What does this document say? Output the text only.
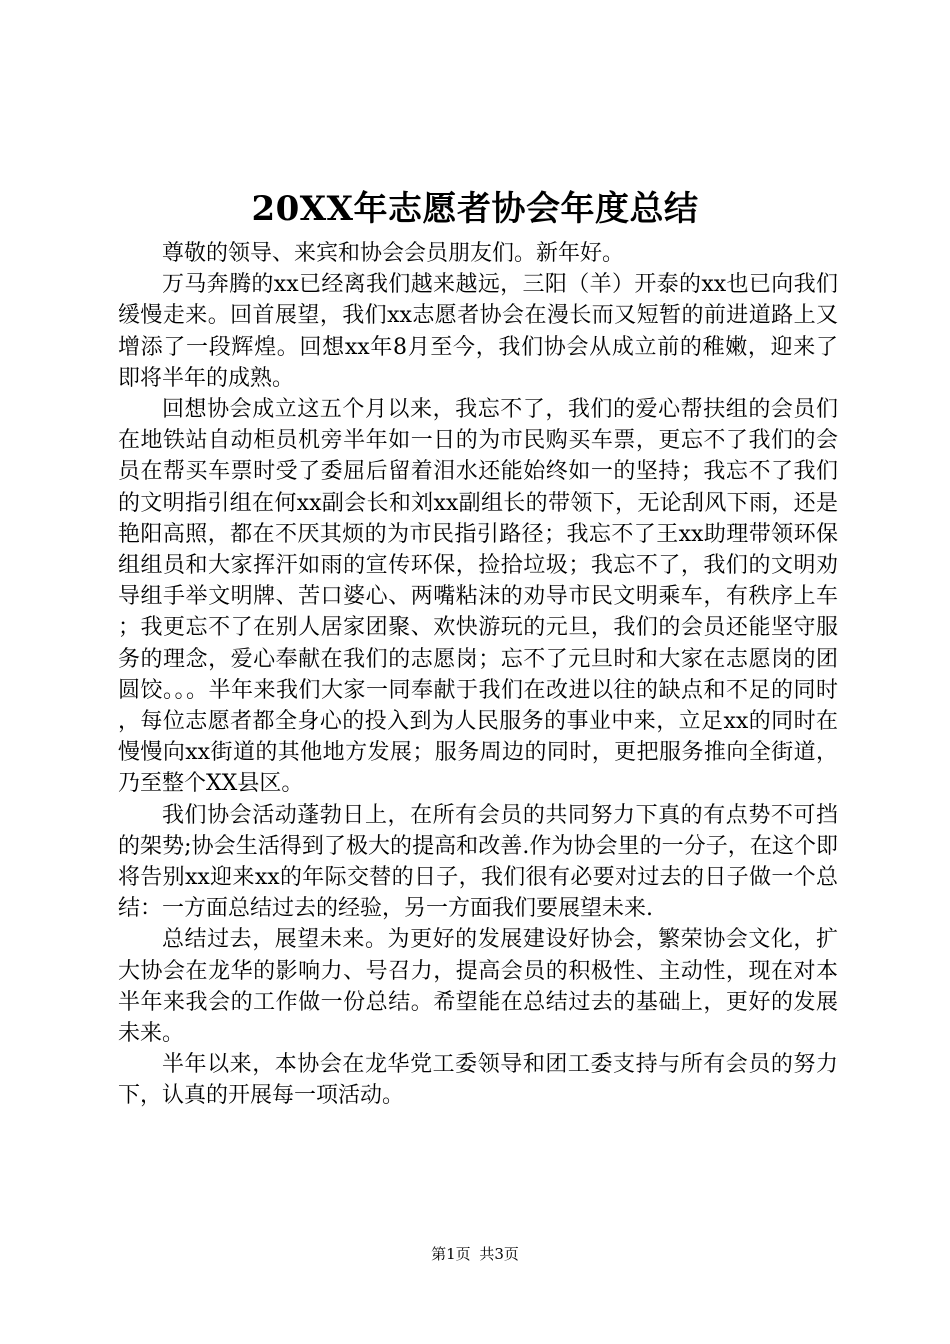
20XX年志愿者协会年度总结

尊敬的领导、来宾和协会会员朋友们。新年好。

万马奔腾的xx已经离我们越来越远，三阳（羊）开泰的xx也已向我们缓慢走来。回首展望，我们xx志愿者协会在漫长而又短暂的前进道路上又增添了一段辉煌。回想xx年8月至今，我们协会从成立前的稚嫩，迎来了即将半年的成熟。

回想协会成立这五个月以来，我忘不了，我们的爱心帮扶组的会员们在地铁站自动柜员机旁半年如一日的为市民购买车票，更忘不了我们的会员在帮买车票时受了委屈后留着泪水还能始终如一的坚持；我忘不了我们的文明指引组在何xx副会长和刘xx副组长的带领下，无论刮风下雨，还是艳阳高照，都在不厌其烦的为市民指引路径；我忘不了王xx助理带领环保组组员和大家挥汗如雨的宣传环保，捡拾垃圾；我忘不了，我们的文明劝导组手举文明牌、苦口婆心、两嘴粘沫的劝导市民文明乘车，有秩序上车；我更忘不了在别人居家团聚、欢快游玩的元旦，我们的会员还能坚守服务的理念，爱心奉献在我们的志愿岗；忘不了元旦时和大家在志愿岗的团圆饺。。。半年来我们大家一同奉献于我们在改进以往的缺点和不足的同时，每位志愿者都全身心的投入到为人民服务的事业中来，立足xx的同时在慢慢向xx街道的其他地方发展；服务周边的同时，更把服务推向全街道，乃至整个XX县区。

我们协会活动蓬勃日上，在所有会员的共同努力下真的有点势不可挡的架势;协会生活得到了极大的提高和改善.作为协会里的一分子，在这个即将告别xx迎来xx的年际交替的日子，我们很有必要对过去的日子做一个总结：一方面总结过去的经验，另一方面我们要展望未来.

总结过去，展望未来。为更好的发展建设好协会，繁荣协会文化，扩大协会在龙华的影响力、号召力，提高会员的积极性、主动性，现在对本半年来我会的工作做一份总结。希望能在总结过去的基础上，更好的发展未来。

半年以来，本协会在龙华党工委领导和团工委支持与所有会员的努力下，认真的开展每一项活动。

第1页 共3页
